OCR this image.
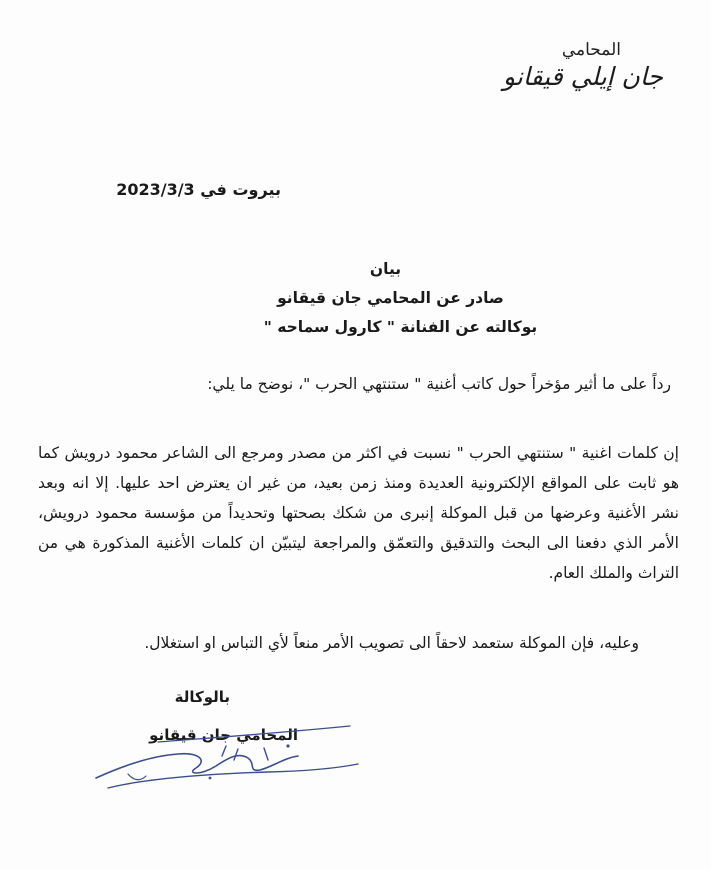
المحامي
جان إيلي قيقانو
بيروت في 2023/3/3
بيان
صادر عن المحامي جان قيقانو
بوكالته عن الفنانة " كارول سماحه "
رداً على ما أثير مؤخراً حول كاتب أغنية " ستنتهي الحرب "، نوضح ما يلي:
إن كلمات اغنية " ستنتهي الحرب " نسبت في اكثر من مصدر ومرجع الى الشاعر محمود درويش كما هو ثابت على المواقع الإلكترونية العديدة ومنذ زمن بعيد، من غير ان يعترض احد عليها. إلا انه وبعد نشر الأغنية وعرضها من قبل الموكلة إنبرى من شكك بصحتها وتحديداً من مؤسسة محمود درويش، الأمر الذي دفعنا الى البحث والتدقيق والتعمّق والمراجعة ليتبيّن ان كلمات الأغنية المذكورة هي من التراث والملك العام.
وعليه، فإن الموكلة ستعمد لاحقاً الى تصويب الأمر منعاً لأي التباس او استغلال.
بالوكالة
المحامي جان قيقانو
